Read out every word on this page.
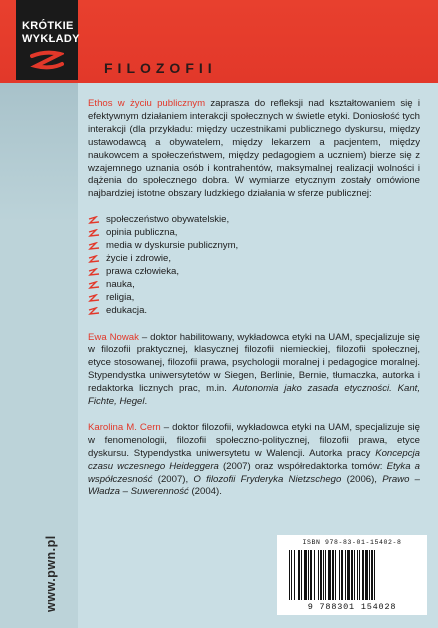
KRÓTKIE
WYKŁADY
FILOZOFII
www.pwn.pl

Ethos w życiu publicznym zaprasza do refleksji nad kształtowaniem się i efektywnym działaniem interakcji społecznych w świetle etyki. Doniosłość tych interakcji (dla przykładu: między uczestnikami publicznego dyskursu, między ustawodawcą a obywatelem, między lekarzem a pacjentem, między naukowcem a społeczeństwem, między pedagogiem a uczniem) bierze się z wzajemnego uznania osób i kontrahentów, maksymalnej realizacji wolności i dążenia do społecznego dobra. W wymiarze etycznym zostały omówione najbardziej istotne obszary ludzkiego działania w sferze publicznej:

społeczeństwo obywatelskie,
opinia publiczna,
media w dyskursie publicznym,
życie i zdrowie,
prawa człowieka,
nauka,
religia,
edukacja.

Ewa Nowak – doktor habilitowany, wykładowca etyki na UAM, specjalizuje się w filozofii praktycznej, klasycznej filozofii niemieckiej, filozofii społecznej, etyce stosowanej, filozofii prawa, psychologii moralnej i pedagogice moralnej. Stypendystka uniwersytetów w Siegen, Berlinie, Bernie, tłumaczka, autorka i redaktorka licznych prac, m.in. Autonomia jako zasada etyczności. Kant, Fichte, Hegel.

Karolina M. Cern – doktor filozofii, wykładowca etyki na UAM, specjalizuje się w fenomenologii, filozofii społeczno-politycznej, filozofii prawa, etyce dyskursu. Stypendystka uniwersytetu w Walencji. Autorka pracy Koncepcja czasu wczesnego Heideggera (2007) oraz współredaktorka tomów: Etyka a współczesność (2007), O filozofii Fryderyka Nietzschego (2006), Prawo – Władza – Suwerenność (2004).

ISBN 978-83-01-15402-8
9 788301 154028
